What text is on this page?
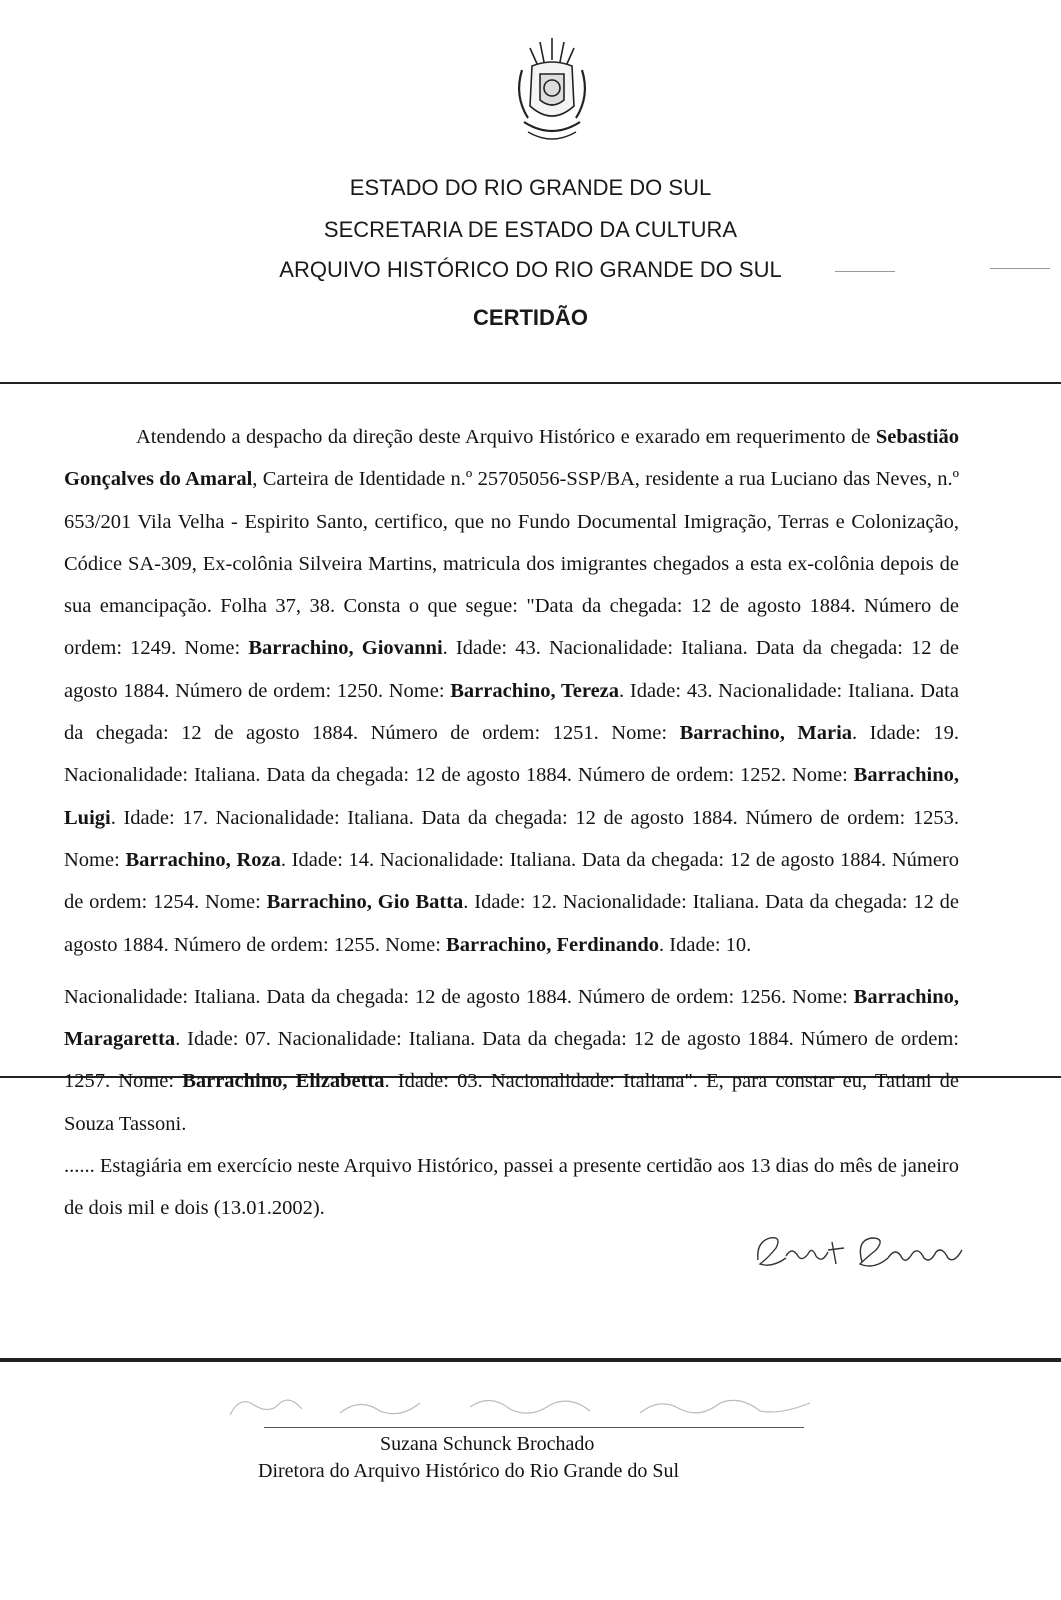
ESTADO DO RIO GRANDE DO SUL
SECRETARIA DE ESTADO DA CULTURA
ARQUIVO HISTÓRICO DO RIO GRANDE DO SUL
CERTIDÃO

Atendendo a despacho da direção deste Arquivo Histórico e exarado em requerimento de Sebastião Gonçalves do Amaral, Carteira de Identidade n.º 25705056-SSP/BA, residente a rua Luciano das Neves, n.º 653/201 Vila Velha - Espirito Santo, certifico, que no Fundo Documental Imigração, Terras e Colonização, Códice SA-309, Ex-colônia Silveira Martins, matricula dos imigrantes chegados a esta ex-colônia depois de sua emancipação. Folha 37, 38. Consta o que segue: "Data da chegada: 12 de agosto 1884. Número de ordem: 1249. Nome: Barrachino, Giovanni. Idade: 43. Nacionalidade: Italiana. Data da chegada: 12 de agosto 1884. Número de ordem: 1250. Nome: Barrachino, Tereza. Idade: 43. Nacionalidade: Italiana. Data da chegada: 12 de agosto 1884. Número de ordem: 1251. Nome: Barrachino, Maria. Idade: 19. Nacionalidade: Italiana. Data da chegada: 12 de agosto 1884. Número de ordem: 1252. Nome: Barrachino, Luigi. Idade: 17. Nacionalidade: Italiana. Data da chegada: 12 de agosto 1884. Número de ordem: 1253. Nome: Barrachino, Roza. Idade: 14. Nacionalidade: Italiana. Data da chegada: 12 de agosto 1884. Número de ordem: 1254. Nome: Barrachino, Gio Batta. Idade: 12. Nacionalidade: Italiana. Data da chegada: 12 de agosto 1884. Número de ordem: 1255. Nome: Barrachino, Ferdinando. Idade: 10.

Nacionalidade: Italiana. Data da chegada: 12 de agosto 1884. Número de ordem: 1256. Nome: Barrachino, Maragaretta. Idade: 07. Nacionalidade: Italiana. Data da chegada: 12 de agosto 1884. Número de ordem: 1257. Nome: Barrachino, Elizabetta. Idade: 03. Nacionalidade: Italiana". E, para constar eu, Tatiani de Souza Tassoni.

...... Estagiária em exercício neste Arquivo Histórico, passei a presente certidão aos 13 dias do mês de janeiro de dois mil e dois (13.01.2002).

Suzana Schunck Brochado
Diretora do Arquivo Histórico do Rio Grande do Sul
